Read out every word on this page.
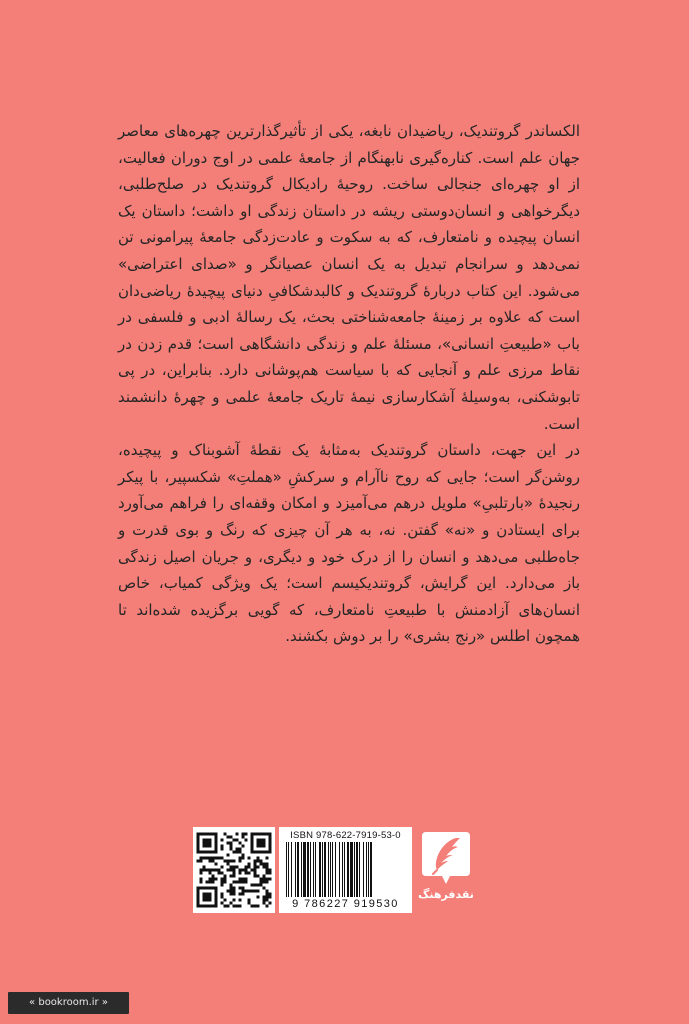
الکساندر گروتندیک، ریاضیدان نابغه، یکی از تأثیرگذارترین چهره‌های معاصر جهان علم است. کناره‌گیری نابهنگام از جامعهٔ علمی در اوج دوران فعالیت، از او چهره‌ای جنجالی ساخت. روحیهٔ رادیکال گروتندیک در صلح‌طلبی، دیگرخواهی و انسان‌دوستی ریشه در داستان زندگی او داشت؛ داستان یک انسان پیچیده و نامتعارف، که به سکوت و عادت‌زدگی جامعهٔ پیرامونی تن نمی‌دهد و سرانجام تبدیل به یک انسان عصیانگر و «صدای اعتراضی» می‌شود. این کتاب دربارهٔ گروتندیک و کالبدشکافیِ دنیای پیچیدهٔ ریاضی‌دان است که علاوه بر زمینهٔ جامعه‌شناختی بحث، یک رسالهٔ ادبی و فلسفی در باب «طبیعتِ انسانی»، مسئلهٔ علم و زندگی دانشگاهی است؛ قدم زدن در نقاط مرزی علم و آنجایی که با سیاست هم‌پوشانی دارد. بنابراین، در پی تابوشکنی، به‌وسیلهٔ آشکارسازی نیمهٔ تاریک جامعهٔ علمی و چهرهٔ دانشمند است.

در این جهت، داستان گروتندیک به‌مثابهٔ یک نقطهٔ آشوبناک و پیچیده، روشن‌گر است؛ جایی که روح ناآرام و سرکشِ «هملتِ» شکسپیر، با پیکر رنجیدهٔ «بارتلبیِ» ملویل درهم می‌آمیزد و امکان وقفه‌ای را فراهم می‌آورد برای ایستادن و «نه» گفتن. نه، به هر آن چیزی که رنگ و بوی قدرت و جاه‌طلبی می‌دهد و انسان را از درک خود و دیگری، و جریان اصیل زندگی باز می‌دارد. این گرایش، گروتندیکیسم است؛ یک ویژگی کمیاب، خاص انسان‌های آزادمنش با طبیعتِ نامتعارف، که گویی برگزیده شده‌اند تا همچون اطلس «رنج بشری» را بر دوش بکشند.

ISBN 978-622-7919-53-0
9 786227 919530
نقدفرهنگ
« bookroom.ir »
